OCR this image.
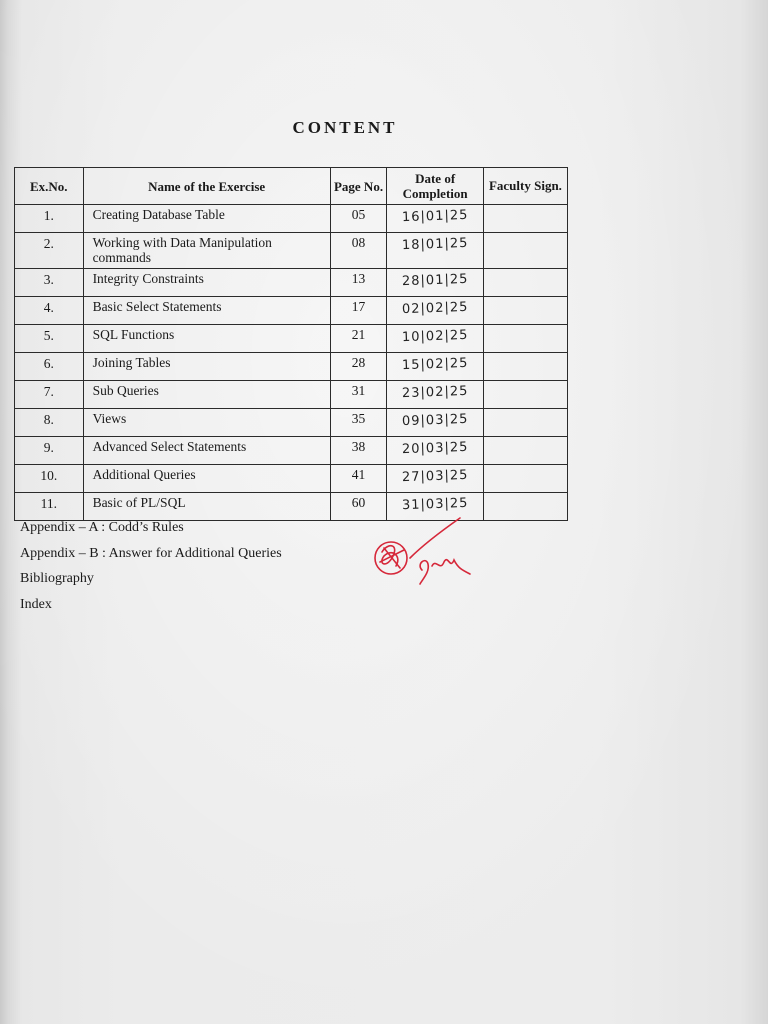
CONTENT
Ex.No.	Name of the Exercise	Page No.	Date of Completion	Faculty Sign.
1.	Creating Database Table	05	16|01|25	
2.	Working with Data Manipulation commands	08	18|01|25	
3.	Integrity Constraints	13	28|01|25	
4.	Basic Select Statements	17	02|02|25	
5.	SQL Functions	21	10|02|25	
6.	Joining Tables	28	15|02|25	
7.	Sub Queries	31	23|02|25	
8.	Views	35	09|03|25	
9.	Advanced Select Statements	38	20|03|25	
10.	Additional Queries	41	27|03|25	
11.	Basic of PL/SQL	60	31|03|25	
Appendix – A : Codd’s Rules
Appendix – B : Answer for Additional Queries
Bibliography
Index
